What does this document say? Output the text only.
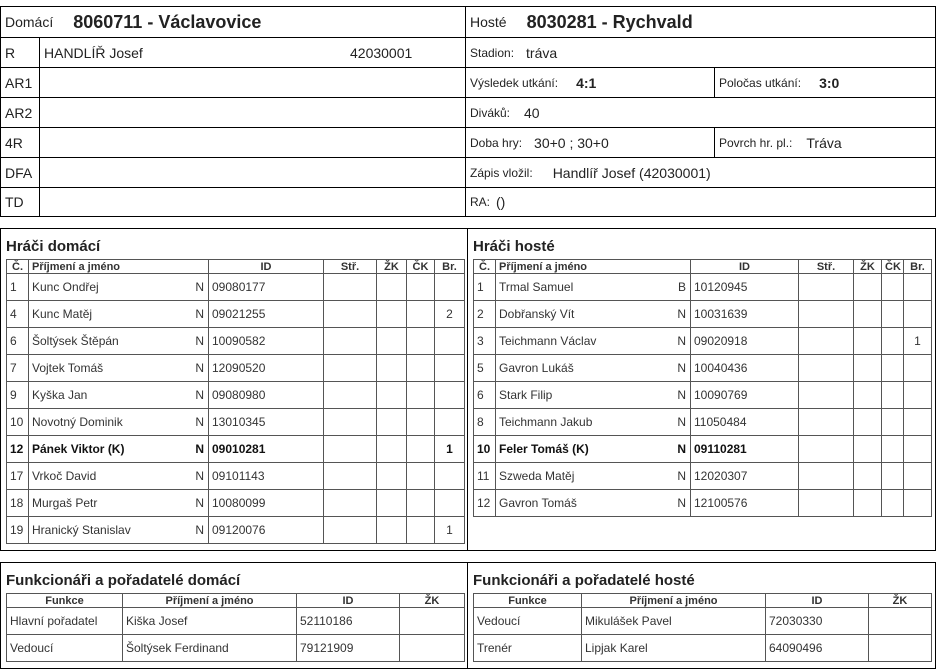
Domácí 8060711 - Václavovice	Hosté 8030281 - Rychvald
R	HANDLÍŘ Josef	42030001	Stadion: tráva
AR1	Výsledek utkání: 4:1	Poločas utkání: 3:0
AR2	Diváků: 40
4R	Doba hry: 30+0 ; 30+0	Povrch hr. pl.: Tráva
DFA	Zápis vložil: Handlíř Josef (42030001)
TD	RA: ()
Hráči domácí	Hráči hosté
Č.	Příjmení a jméno	ID	Stř.	ŽK	ČK	Br.
1	Kunc Ondřej N	09080177				
4	Kunc Matěj N	09021255				2
6	Šoltýsek Štěpán N	10090582				
7	Vojtek Tomáš N	12090520				
9	Kyška Jan N	09080980				
10	Novotný Dominik N	13010345				
12	Pánek Viktor (K) N	09010281				1
17	Vrkoč David N	09101143				
18	Murgaš Petr N	10080099				
19	Hranický Stanislav N	09120076				1
Č.	Příjmení a jméno	ID	Stř.	ŽK	ČK	Br.
1	Trmal Samuel B	10120945				
2	Dobřanský Vít N	10031639				
3	Teichmann Václav N	09020918				1
5	Gavron Lukáš N	10040436				
6	Stark Filip N	10090769				
8	Teichmann Jakub N	11050484				
10	Feler Tomáš (K) N	09110281				
11	Szweda Matěj N	12020307				
12	Gavron Tomáš N	12100576				
Funkcionáři a pořadatelé domácí	Funkcionáři a pořadatelé hosté
Funkce	Příjmení a jméno	ID	ŽK
Hlavní pořadatel	Kiška Josef	52110186	
Vedoucí	Šoltýsek Ferdinand	79121909	
Funkce	Příjmení a jméno	ID	ŽK
Vedoucí	Mikulášek Pavel	72030330	
Trenér	Lipjak Karel	64090496	
